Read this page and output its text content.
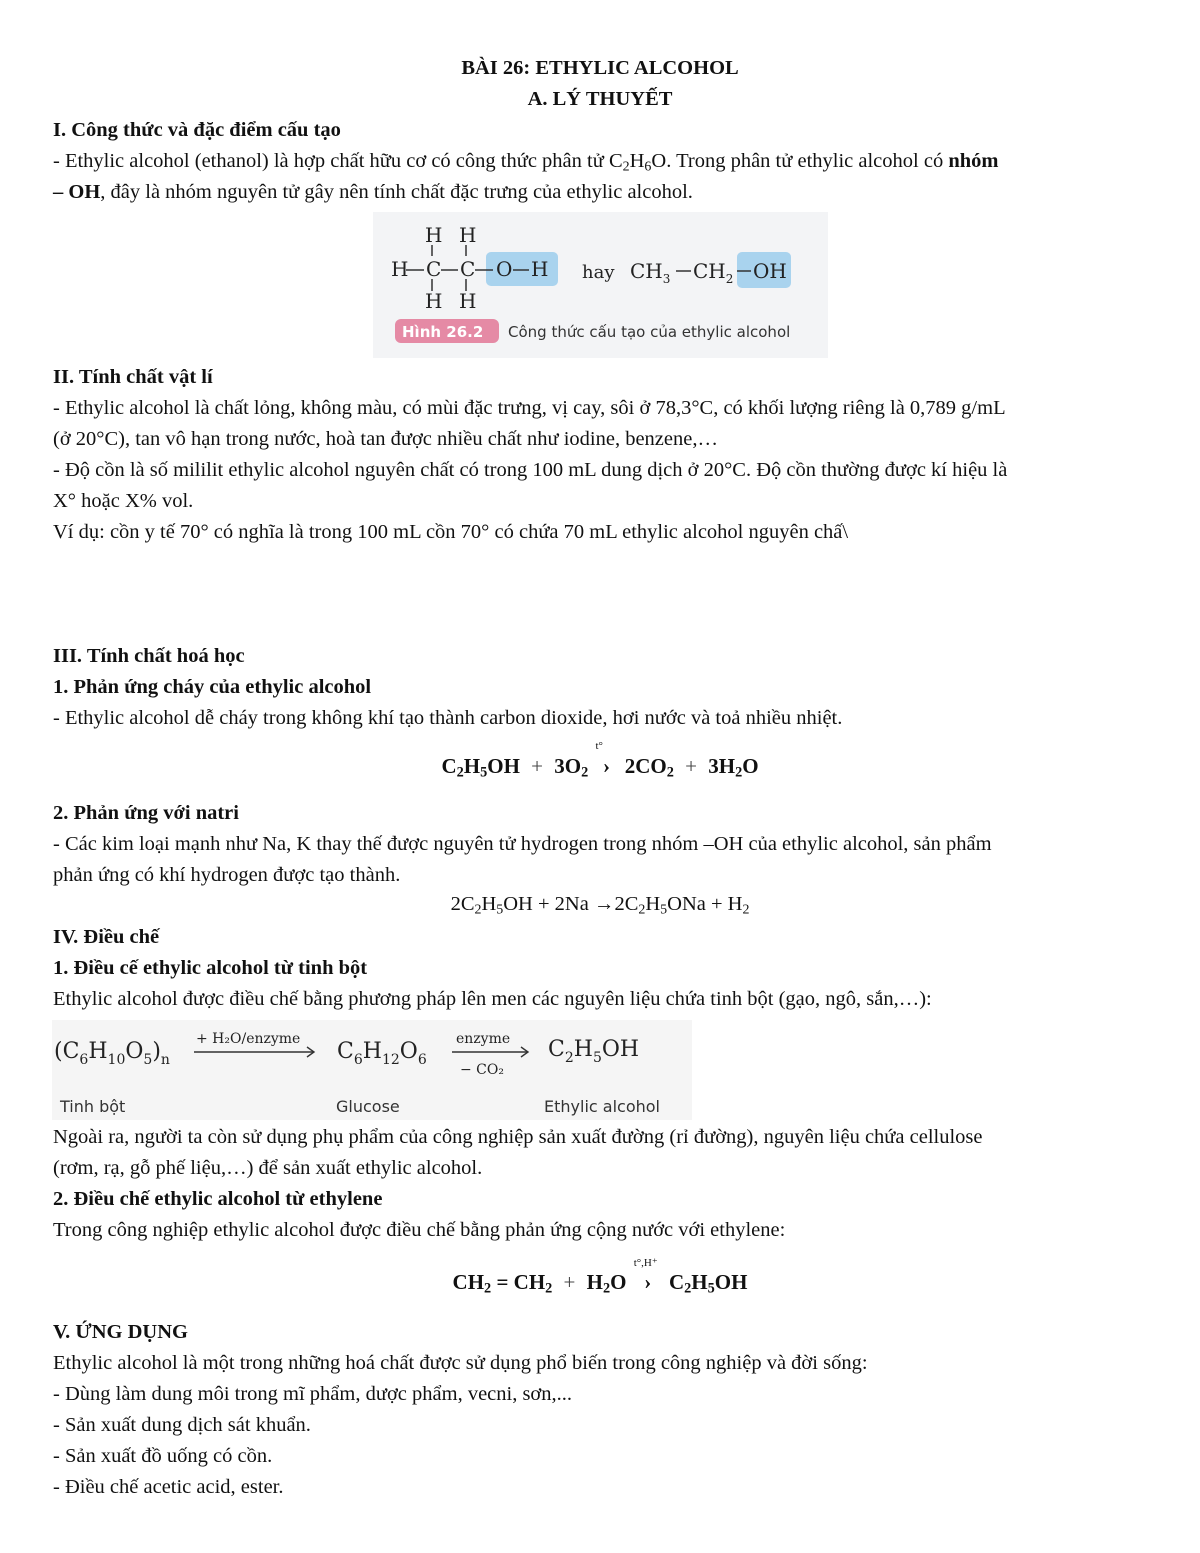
BÀI 26: ETHYLIC ALCOHOL
A. LÝ THUYẾT
I. Công thức và đặc điểm cấu tạo
- Ethylic alcohol (ethanol) là hợp chất hữu cơ có công thức phân tử $C_2H_6O$. Trong phân tử ethylic alcohol có nhóm
– OH, đây là nhóm nguyên tử gây nên tính chất đặc trưng của ethylic alcohol.
H H
H C C O H
H H
hay $CH_3$ $CH_2$ OH
Hình 26.2 Công thức cấu tạo của ethylic alcohol
II. Tính chất vật lí
- Ethylic alcohol là chất lỏng, không màu, có mùi đặc trưng, vị cay, sôi ở 78,3°C, có khối lượng riêng là 0,789 g/mL
(ở 20°C), tan vô hạn trong nước, hoà tan được nhiều chất như iodine, benzene,…
- Độ cồn là số mililit ethylic alcohol nguyên chất có trong 100 mL dung dịch ở 20°C. Độ cồn thường được kí hiệu là
X° hoặc X% vol.
Ví dụ: cồn y tế 70° có nghĩa là trong 100 mL cồn 70° có chứa 70 mL ethylic alcohol nguyên chấ\
III. Tính chất hoá học
1. Phản ứng cháy của ethylic alcohol
- Ethylic alcohol dễ cháy trong không khí tạo thành carbon dioxide, hơi nước và toả nhiều nhiệt.
$C_2H_5OH + 3O_2$
t°
› $2CO_2 + 3H_2O$
2. Phản ứng với natri
- Các kim loại mạnh như Na, K thay thế được nguyên tử hydrogen trong nhóm –OH của ethylic alcohol, sản phẩm
phản ứng có khí hydrogen được tạo thành.
$2C_2H_5OH + 2Na \to 2C_2H_5ONa + H_2$
IV. Điều chế
1. Điều cế ethylic alcohol từ tinh bột
Ethylic alcohol được điều chế bằng phương pháp lên men các nguyên liệu chứa tinh bột (gạo, ngô, sắn,…):
$(C_6H_{10}O_5)_n$	$C_6H_{12}O_6$	$C_2H_5OH$
+ H₂O/enzyme	enzyme
− CO₂
Tinh bột	Glucose	Ethylic alcohol
Ngoài ra, người ta còn sử dụng phụ phẩm của công nghiệp sản xuất đường (rỉ đường), nguyên liệu chứa cellulose
(rơm, rạ, gỗ phế liệu,…) để sản xuất ethylic alcohol.
2. Điều chế ethylic alcohol từ ethylene
Trong công nghiệp ethylic alcohol được điều chế bằng phản ứng cộng nước với ethylene:
$CH_2 = CH_2 + H_2O$
t°,H⁺
› $C_2H_5OH$
V. ỨNG DỤNG
Ethylic alcohol là một trong những hoá chất được sử dụng phổ biến trong công nghiệp và đời sống:
- Dùng làm dung môi trong mĩ phẩm, dược phẩm, vecni, sơn,...
- Sản xuất dung dịch sát khuẩn.
- Sản xuất đồ uống có cồn.
- Điều chế acetic acid, ester.
